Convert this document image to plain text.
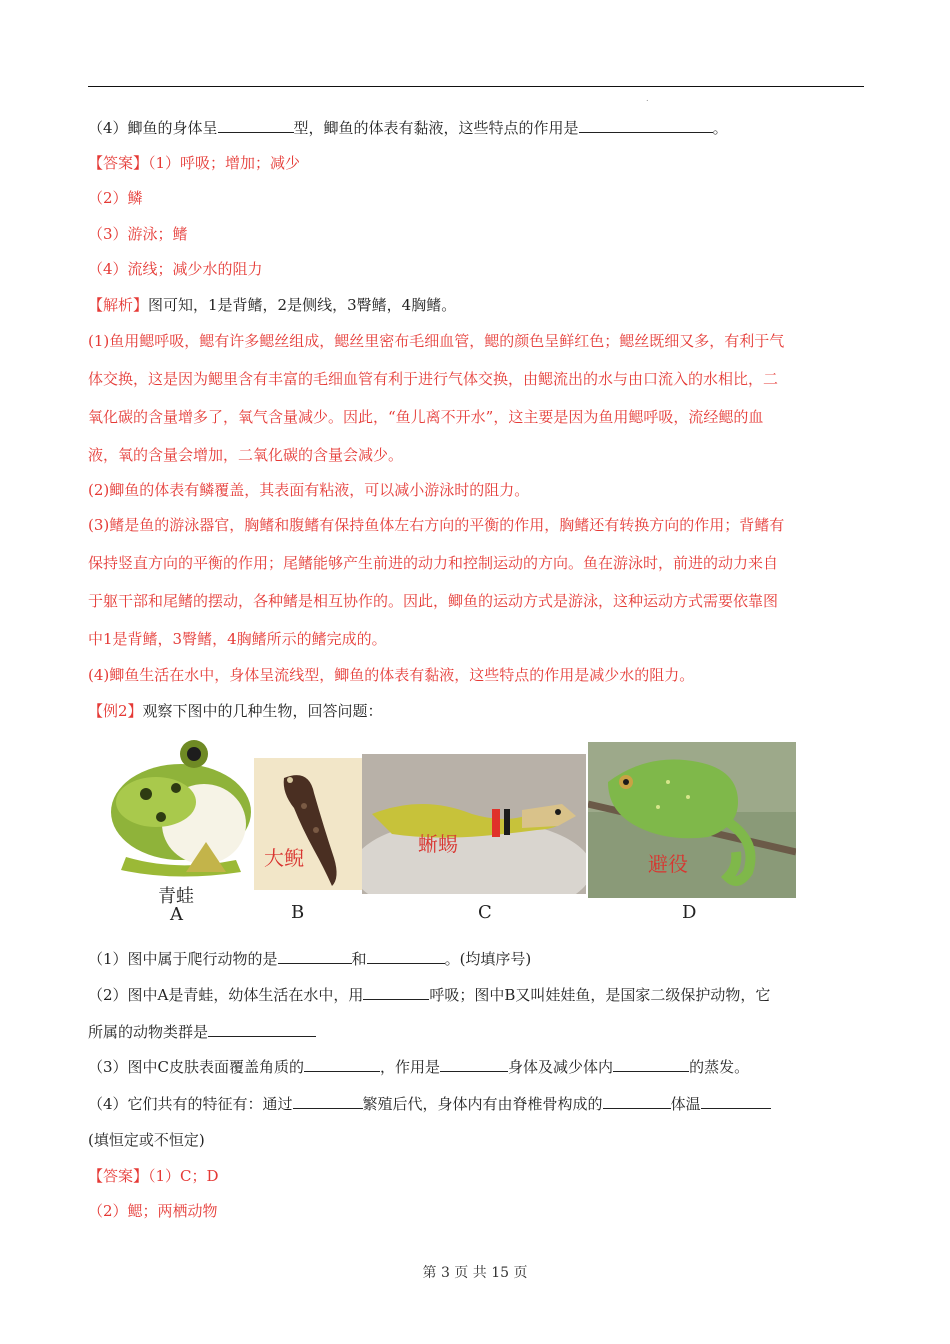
.
（4）鲫鱼的身体呈	型，鲫鱼的体表有黏液，这些特点的作用是	。
【答案】（1）呼吸；增加；减少
（2）鳞
（3）游泳；鳍
（4）流线；减少水的阻力
【解析】图可知，1是背鳍，2是侧线，3臀鳍，4胸鳍。
(1)鱼用鳃呼吸，鳃有许多鳃丝组成，鳃丝里密布毛细血管，鳃的颜色呈鲜红色；鳃丝既细又多，有利于气
体交换，这是因为鳃里含有丰富的毛细血管有利于进行气体交换，由鳃流出的水与由口流入的水相比，二
氧化碳的含量增多了，氧气含量减少。因此，“鱼儿离不开水”，这主要是因为鱼用鳃呼吸，流经鳃的血
液，氧的含量会增加，二氧化碳的含量会减少。
(2)鲫鱼的体表有鳞覆盖，其表面有粘液，可以减小游泳时的阻力。
(3)鳍是鱼的游泳器官，胸鳍和腹鳍有保持鱼体左右方向的平衡的作用，胸鳍还有转换方向的作用；背鳍有
保持竖直方向的平衡的作用；尾鳍能够产生前进的动力和控制运动的方向。鱼在游泳时，前进的动力来自
于躯干部和尾鳍的摆动，各种鳍是相互协作的。因此，鲫鱼的运动方式是游泳，这种运动方式需要依靠图
中1是背鳍，3臀鳍，4胸鳍所示的鳍完成的。
(4)鲫鱼生活在水中，身体呈流线型，鲫鱼的体表有黏液，这些特点的作用是减少水的阻力。
【例2】观察下图中的几种生物，回答问题：
青蛙
A
大鲵
B
蜥蜴
C
避役
D
（1）图中属于爬行动物的是	和	。(均填序号)
（2）图中A是青蛙，幼体生活在水中，用	呼吸；图中B又叫娃娃鱼，是国家二级保护动物，它
所属的动物类群是
（3）图中C皮肤表面覆盖角质的	，作用是	身体及减少体内	的蒸发。
（4）它们共有的特征有：通过	繁殖后代，身体内有由脊椎骨构成的	体温
(填恒定或不恒定)
【答案】（1）C；D
（2）鳃；两栖动物
第 3 页 共 15 页
